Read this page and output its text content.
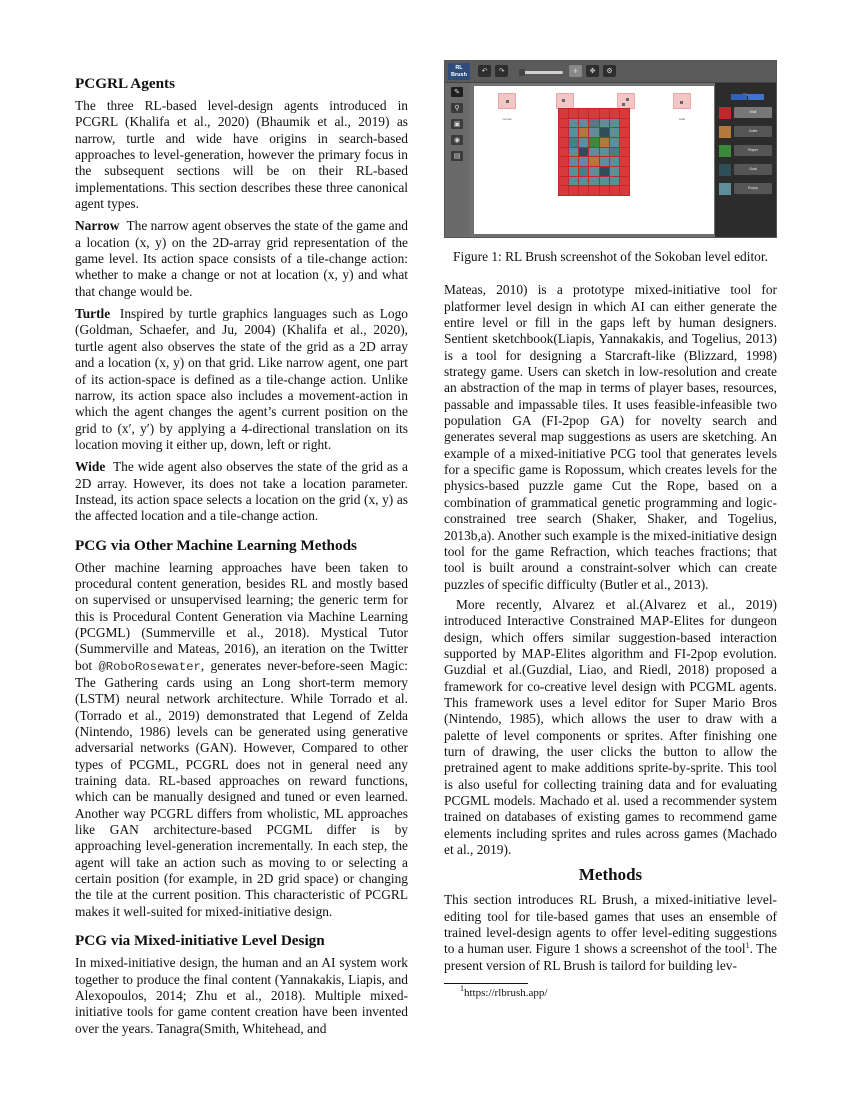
PCGRL Agents

The three RL-based level-design agents introduced in PCGRL (Khalifa et al., 2020) (Bhaumik et al., 2019) as narrow, turtle and wide have origins in search-based approaches to level-generation, however the primary focus in the subsequent sections will be on their RL-based implementations. This section describes these three canonical agent types.

Narrow The narrow agent observes the state of the game and a location (x, y) on the 2D-array grid representation of the game level. Its action space consists of a tile-change action: whether to make a change or not at location (x, y) and what that change would be.

Turtle Inspired by turtle graphics languages such as Logo (Goldman, Schaefer, and Ju, 2004) (Khalifa et al., 2020), turtle agent also observes the state of the grid as a 2D array and a location (x, y) on that grid. Like narrow agent, one part of its action-space is defined as a tile-change action. Unlike narrow, its action space also includes a movement-action in which the agent changes the agent’s current position on the grid to (x′, y′) by applying a 4-directional translation on its location moving it either up, down, left or right.

Wide The wide agent also observes the state of the grid as a 2D array. However, its does not take a location parameter. Instead, its action space selects a location on the grid (x, y) as the affected location and a tile-change action.

PCG via Other Machine Learning Methods

Other machine learning approaches have been taken to procedural content generation, besides RL and mostly based on supervised or unsupervised learning; the generic term for this is Procedural Content Generation via Machine Learning (PCGML) (Summerville et al., 2018). Mystical Tutor (Summerville and Mateas, 2016), an iteration on the Twitter bot @RoboRosewater, generates never-before-seen Magic: The Gathering cards using an Long short-term memory (LSTM) neural network architecture. While Torrado et al. (Torrado et al., 2019) demonstrated that Legend of Zelda (Nintendo, 1986) levels can be generated using generative adversarial networks (GAN). However, Compared to other types of PCGML, PCGRL does not in general need any training data. RL-based approaches on reward functions, which can be manually designed and tuned or even learned. Another way PCGRL differs from wholistic, ML approaches like GAN architecture-based PCGML differ is by approaching level-generation incrementally. In each step, the agent will take an action such as moving to or selecting a certain position (for example, in 2D grid space) or changing the tile at the current position. This characteristic of PCGRL makes it well-suited for mixed-initiative design.

PCG via Mixed-initiative Level Design

In mixed-initiative design, the human and an AI system work together to produce the final content (Yannakakis, Liapis, and Alexopoulos, 2014; Zhu et al., 2018). Multiple mixed-initiative tools for game content creation have been invented over the years. Tanagra(Smith, Whitehead, and

RL Brush	↶	↷	+	✥	⚙
✎
⚲
▣
◉
▤
narrow	wide
Wall
Crate
Player
Goal
Empty
Figure 1: RL Brush screenshot of the Sokoban level editor.

Mateas, 2010) is a prototype mixed-initiative tool for platformer level design in which AI can either generate the entire level or fill in the gaps left by human designers. Sentient sketchbook(Liapis, Yannakakis, and Togelius, 2013) is a tool for designing a Starcraft-like (Blizzard, 1998) strategy game. Users can sketch in low-resolution and create an abstraction of the map in terms of player bases, resources, passable and impassable tiles. It uses feasible-infeasible two population GA (FI-2pop GA) for novelty search and generates several map suggestions as users are sketching. An example of a mixed-initiative PCG tool that generates levels for a specific game is Ropossum, which creates levels for the physics-based puzzle game Cut the Rope, based on a combination of grammatical genetic programming and logic-constrained tree search (Shaker, Shaker, and Togelius, 2013b,a). Another such example is the mixed-initiative design tool for the game Refraction, which teaches fractions; that tool is built around a constraint-solver which can create puzzles of specific difficulty (Butler et al., 2013).

More recently, Alvarez et al.(Alvarez et al., 2019) introduced Interactive Constrained MAP-Elites for dungeon design, which offers similar suggestion-based interaction supported by MAP-Elites algorithm and FI-2pop evolution. Guzdial et al.(Guzdial, Liao, and Riedl, 2018) proposed a framework for co-creative level design with PCGML agents. This framework uses a level editor for Super Mario Bros (Nintendo, 1985), which allows the user to draw with a palette of level components or sprites. After finishing one turn of drawing, the user clicks the button to allow the pretrained agent to make additions sprite-by-sprite. This tool is also useful for collecting training data and for evaluating PCGML models. Machado et al. used a recommender system trained on databases of existing games to recommend game elements including sprites and rules across games (Machado et al., 2019).

Methods

This section introduces RL Brush, a mixed-initiative level-editing tool for tile-based games that uses an ensemble of trained level-design agents to offer level-editing suggestions to a human user. Figure 1 shows a screenshot of the tool$^1$. The present version of RL Brush is tailord for building lev-

$^1$https://rlbrush.app/
